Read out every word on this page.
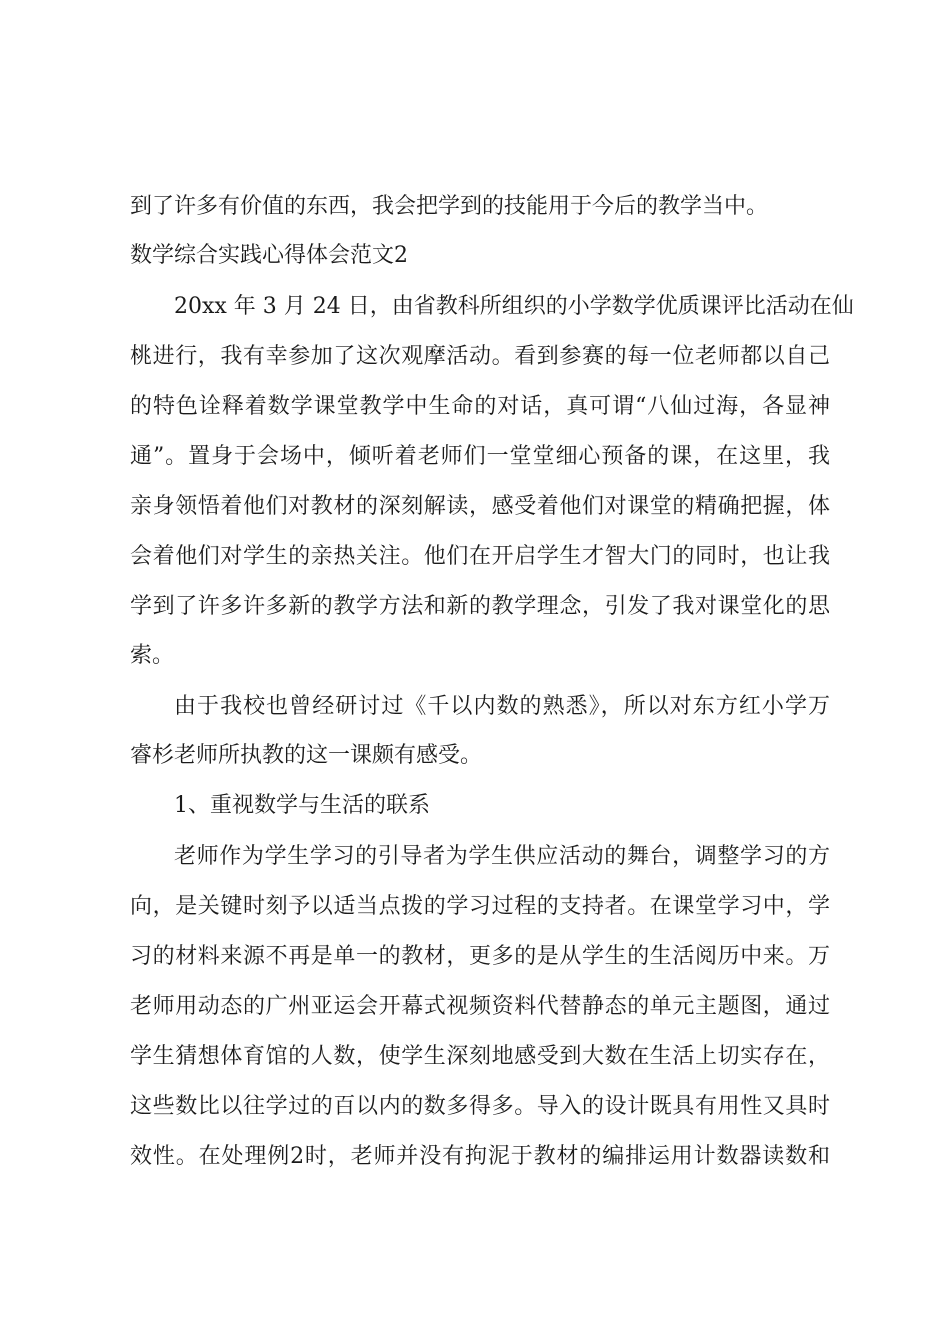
到了许多有价值的东西，我会把学到的技能用于今后的教学当中。
数学综合实践心得体会范文2
20xx 年 3 月 24 日，由省教科所组织的小学数学优质课评比活动在仙
桃进行，我有幸参加了这次观摩活动。看到参赛的每一位老师都以自己
的特色诠释着数学课堂教学中生命的对话，真可谓“八仙过海，各显神
通”。置身于会场中，倾听着老师们一堂堂细心预备的课，在这里，我
亲身领悟着他们对教材的深刻解读，感受着他们对课堂的精确把握，体
会着他们对学生的亲热关注。他们在开启学生才智大门的同时，也让我
学到了许多许多新的教学方法和新的教学理念，引发了我对课堂化的思
索。
由于我校也曾经研讨过《千以内数的熟悉》，所以对东方红小学万
睿杉老师所执教的这一课颇有感受。
1、重视数学与生活的联系
老师作为学生学习的引导者为学生供应活动的舞台，调整学习的方
向，是关键时刻予以适当点拨的学习过程的支持者。在课堂学习中，学
习的材料来源不再是单一的教材，更多的是从学生的生活阅历中来。万
老师用动态的广州亚运会开幕式视频资料代替静态的单元主题图，通过
学生猜想体育馆的人数，使学生深刻地感受到大数在生活上切实存在，
这些数比以往学过的百以内的数多得多。导入的设计既具有用性又具时
效性。在处理例2时，老师并没有拘泥于教材的编排运用计数器读数和
